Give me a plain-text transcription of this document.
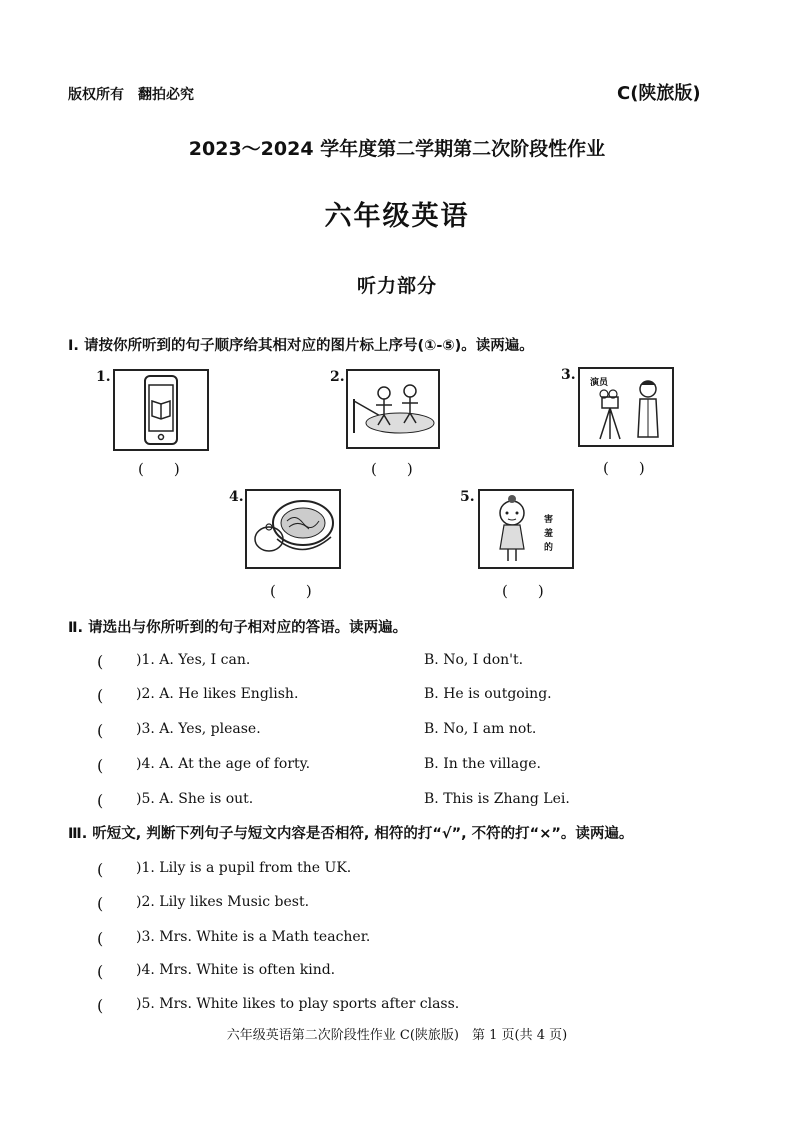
版权所有　翻拍必究	C(陕旅版)
2023～2024 学年度第二学期第二次阶段性作业
六年级英语
听力部分
Ⅰ. 请按你所听到的句子顺序给其相对应的图片标上序号(①-⑤)。读两遍。
1.
(　　)
2.
(　　)
3. 演员
(　　)
4.
(　　)
5.
害羞的
(　　)
Ⅱ. 请选出与你所听到的句子相对应的答语。读两遍。
( )1. A. Yes, I can.	B. No, I don't.
( )2. A. He likes English.	B. He is outgoing.
( )3. A. Yes, please.	B. No, I am not.
( )4. A. At the age of forty.	B. In the village.
( )5. A. She is out.	B. This is Zhang Lei.
Ⅲ. 听短文, 判断下列句子与短文内容是否相符, 相符的打“√”, 不符的打“×”。读两遍。
( )1. Lily is a pupil from the UK.
( )2. Lily likes Music best.
( )3. Mrs. White is a Math teacher.
( )4. Mrs. White is often kind.
( )5. Mrs. White likes to play sports after class.
六年级英语第二次阶段性作业 C(陕旅版)　第 1 页(共 4 页)
